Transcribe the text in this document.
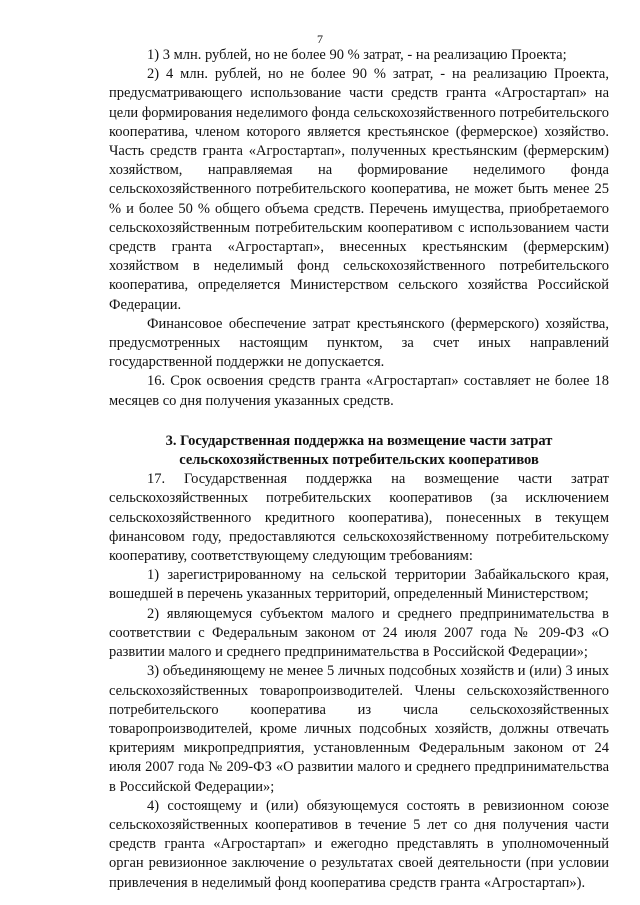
7

1) 3 млн. рублей, но не более 90 % затрат, - на реализацию Проекта;

2) 4 млн. рублей, но не более 90 % затрат, - на реализацию Проекта, предусматривающего использование части средств гранта «Агростартап» на цели формирования неделимого фонда сельскохозяйственного потребительского кооператива, членом которого является крестьянское (фермерское) хозяйство. Часть средств гранта «Агростартап», полученных крестьянским (фермерским) хозяйством, направляемая на формирование неделимого фонда сельскохозяйственного потребительского кооператива, не может быть менее 25 % и более 50 % общего объема средств. Перечень имущества, приобретаемого сельскохозяйственным потребительским кооперативом с использованием части средств гранта «Агростартап», внесенных крестьянским (фермерским) хозяйством в неделимый фонд сельскохозяйственного потребительского кооператива, определяется Министерством сельского хозяйства Российской Федерации.

Финансовое обеспечение затрат крестьянского (фермерского) хозяйства, предусмотренных настоящим пунктом, за счет иных направлений государственной поддержки не допускается.

16. Срок освоения средств гранта «Агростартап» составляет не более 18 месяцев со дня получения указанных средств.

3. Государственная поддержка на возмещение части затрат сельскохозяйственных потребительских кооперативов

17. Государственная поддержка на возмещение части затрат сельскохозяйственных потребительских кооперативов (за исключением сельскохозяйственного кредитного кооператива), понесенных в текущем финансовом году, предоставляются сельскохозяйственному потребительскому кооперативу, соответствующему следующим требованиям:

1) зарегистрированному на сельской территории Забайкальского края, вошедшей в перечень указанных территорий, определенный Министерством;

2) являющемуся субъектом малого и среднего предпринимательства в соответствии с Федеральным законом от 24 июля 2007 года № 209-ФЗ «О развитии малого и среднего предпринимательства в Российской Федерации»;

3) объединяющему не менее 5 личных подсобных хозяйств и (или) 3 иных сельскохозяйственных товаропроизводителей. Члены сельскохозяйственного потребительского кооператива из числа сельскохозяйственных товаропроизводителей, кроме личных подсобных хозяйств, должны отвечать критериям микропредприятия, установленным Федеральным законом от 24 июля 2007 года № 209-ФЗ «О развитии малого и среднего предпринимательства в Российской Федерации»;

4) состоящему и (или) обязующемуся состоять в ревизионном союзе сельскохозяйственных кооперативов в течение 5 лет со дня получения части средств гранта «Агростартап» и ежегодно представлять в уполномоченный орган ревизионное заключение о результатах своей деятельности (при условии привлечения в неделимый фонд кооператива средств гранта «Агростартап»).
